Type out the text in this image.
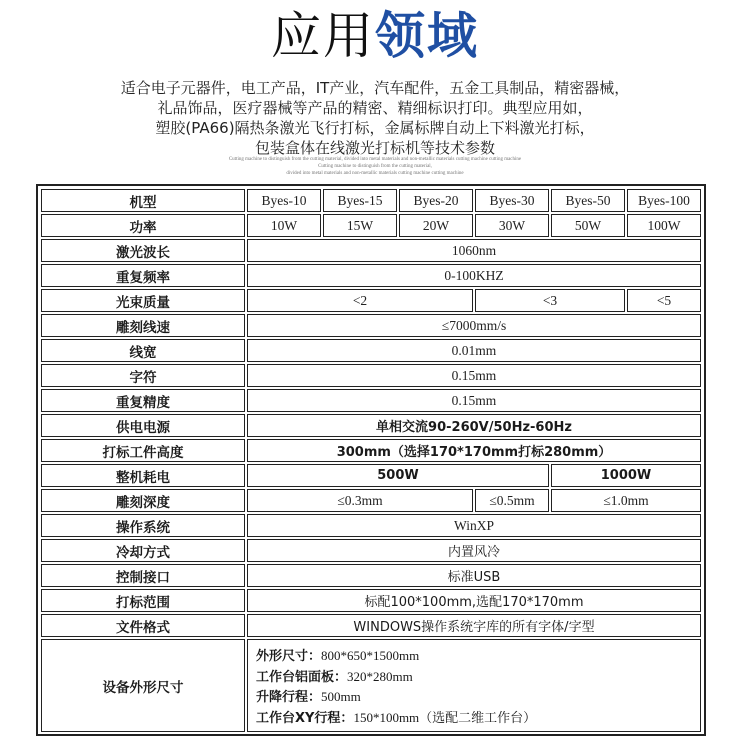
应用领域
适合电子元器件，电工产品，IT产业，汽车配件，五金工具制品，精密器械，
礼品饰品，医疗器械等产品的精密、精细标识打印。典型应用如，
塑胶(PA66)隔热条激光飞行打标，金属标牌自动上下料激光打标，
包装盒体在线激光打标机等技术参数
Cutting machine to distinguish from the cutting material, divided into metal materials and non-metallic materials cutting machine cutting machine
Cutting machine to distinguish from the cutting material,
divided into metal materials and non-metallic materials cutting machine cutting machine
机型	Byes-10	Byes-15	Byes-20	Byes-30	Byes-50	Byes-100
功率	10W	15W	20W	30W	50W	100W
激光波长	1060nm
重复频率	0-100KHZ
光束质量	<2	<3	<5
雕刻线速	≤7000mm/s
线宽	0.01mm
字符	0.15mm
重复精度	0.15mm
供电电源	单相交流90-260V/50Hz-60Hz
打标工件高度	300mm（选择170*170mm打标280mm）
整机耗电	500W	1000W
雕刻深度	≤0.3mm	≤0.5mm	≤1.0mm
操作系统	WinXP
冷却方式	内置风冷
控制接口	标准USB
打标范围	标配100*100mm,选配170*170mm
文件格式	WINDOWS操作系统字库的所有字体/字型
设备外形尺寸
外形尺寸：800*650*1500mm
工作台铝面板：320*280mm
升降行程：500mm
工作台XY行程：150*100mm（选配二维工作台）
